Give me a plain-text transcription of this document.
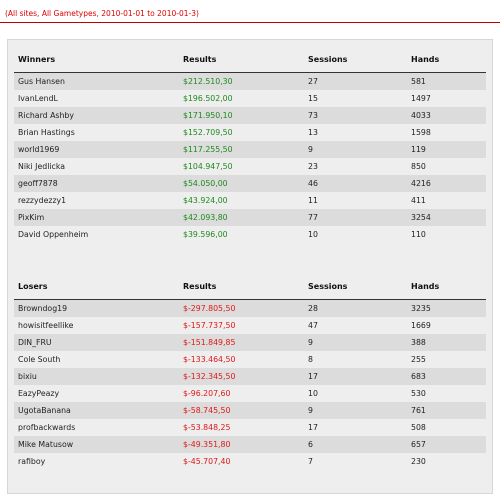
(All sites, All Gametypes, 2010-01-01 to 2010-01-3)
Winners	Results	Sessions	Hands
Gus Hansen	$212.510,30	27	581
IvanLendL	$196.502,00	15	1497
Richard Ashby	$171.950,10	73	4033
Brian Hastings	$152.709,50	13	1598
world1969	$117.255,50	9	119
Niki Jedlicka	$104.947,50	23	850
geoff7878	$54.050,00	46	4216
rezzydezzy1	$43.924,00	11	411
PixKim	$42.093,80	77	3254
David Oppenheim	$39.596,00	10	110
Losers	Results	Sessions	Hands
Browndog19	$-297.805,50	28	3235
howisitfeellike	$-157.737,50	47	1669
DIN_FRU	$-151.849,85	9	388
Cole South	$-133.464,50	8	255
bixiu	$-132.345,50	17	683
EazyPeazy	$-96.207,60	10	530
UgotaBanana	$-58.745,50	9	761
profbackwards	$-53.848,25	17	508
Mike Matusow	$-49.351,80	6	657
rafiboy	$-45.707,40	7	230
